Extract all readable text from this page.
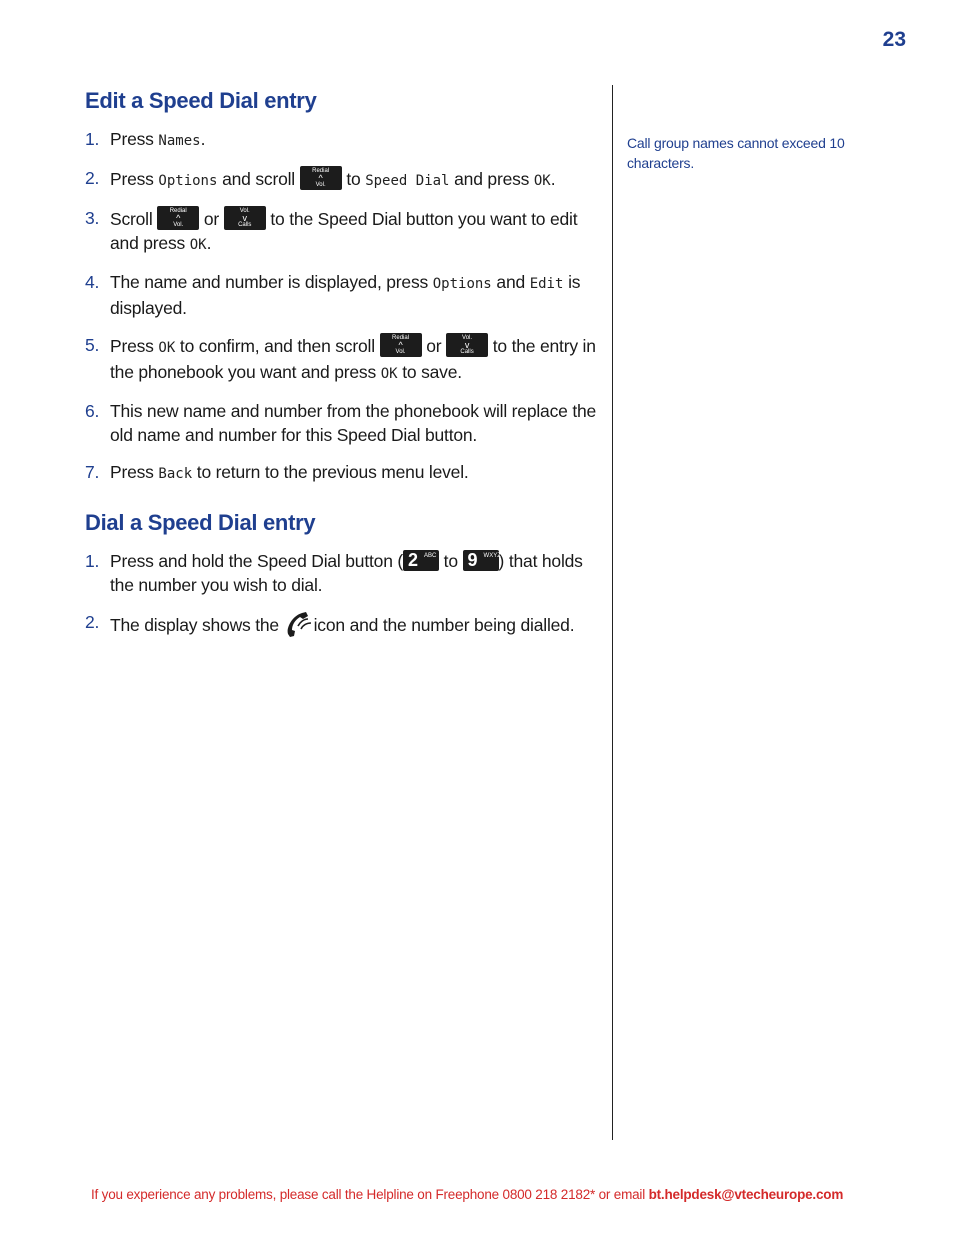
23
Edit a Speed Dial entry
1. Press Names.
2. Press Options and scroll	Redial
^
Vol. to Speed Dial and press OK.
3. Scroll	Redial
^
Vol. or	Vol.
v
Calls to the Speed Dial button you want to edit and press OK.
4. The name and number is displayed, press Options and Edit is displayed.
5. Press OK to confirm, and then scroll	Redial
^
Vol. or	Vol.
v
Calls to the entry in the phonebook you want and press OK to save.
6. This new name and number from the phonebook will replace the old name and number for this Speed Dial button.
7. Press Back to return to the previous menu level.
Dial a Speed Dial entry
1. Press and hold the Speed Dial button ( 2 ABC to 9 WXYZ
) that holds the number you wish to dial.
2. The display shows the icon and the number being dialled.
Call group names cannot exceed 10 characters.
If you experience any problems, please call the Helpline on Freephone 0800 218 2182* or email bt.helpdesk@vtecheurope.com
